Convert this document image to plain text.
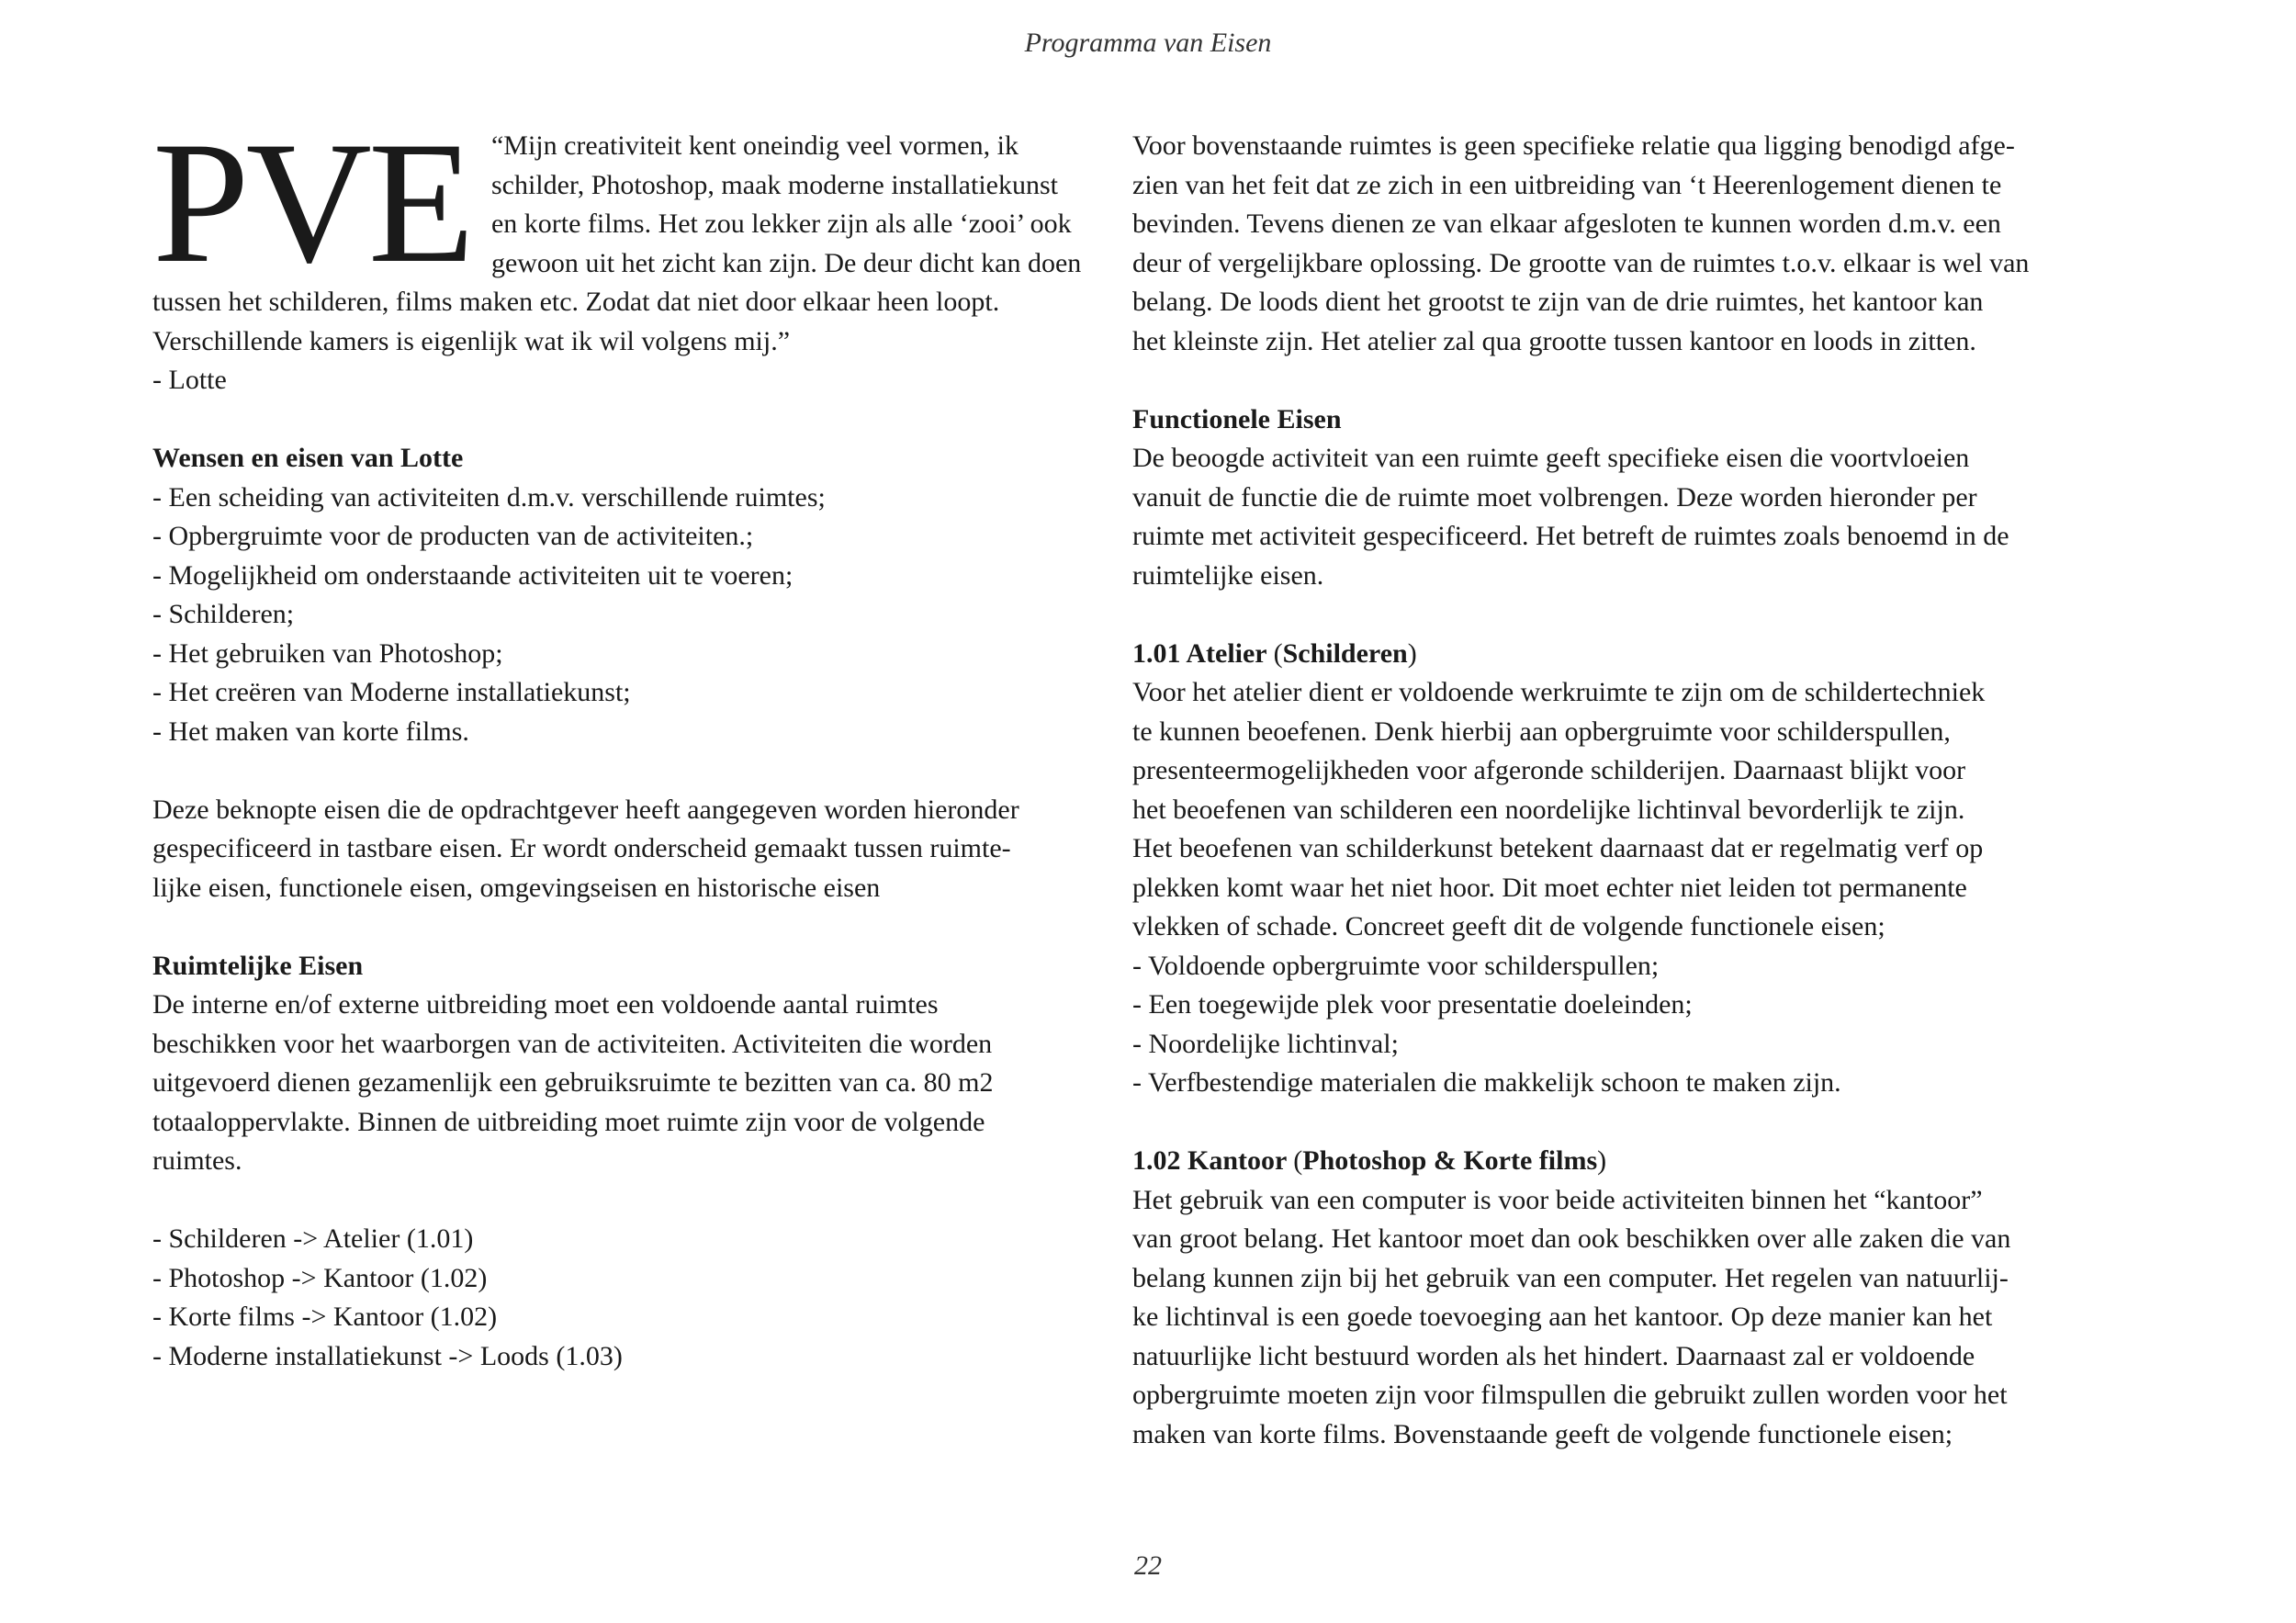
Programma van Eisen
PVE “Mijn creativiteit kent oneindig veel vormen, ik
schilder, Photoshop, maak moderne installatiekunst
en korte films. Het zou lekker zijn als alle ‘zooi’ ook
gewoon uit het zicht kan zijn. De deur dicht kan doen
tussen het schilderen, films maken etc. Zodat dat niet door elkaar heen loopt.
Verschillende kamers is eigenlijk wat ik wil volgens mij.”
- Lotte
Wensen en eisen van Lotte
- Een scheiding van activiteiten d.m.v. verschillende ruimtes;
- Opbergruimte voor de producten van de activiteiten.;
- Mogelijkheid om onderstaande activiteiten uit te voeren;
- Schilderen;
- Het gebruiken van Photoshop;
- Het creëren van Moderne installatiekunst;
- Het maken van korte films.
Deze beknopte eisen die de opdrachtgever heeft aangegeven worden hieronder
gespecificeerd in tastbare eisen. Er wordt onderscheid gemaakt tussen ruimte-
lijke eisen, functionele eisen, omgevingseisen en historische eisen
Ruimtelijke Eisen
De interne en/of externe uitbreiding moet een voldoende aantal ruimtes
beschikken voor het waarborgen van de activiteiten. Activiteiten die worden
uitgevoerd dienen gezamenlijk een gebruiksruimte te bezitten van ca. 80 m2
totaaloppervlakte. Binnen de uitbreiding moet ruimte zijn voor de volgende
ruimtes.
- Schilderen -> Atelier (1.01)
- Photoshop -> Kantoor (1.02)
- Korte films -> Kantoor (1.02)
- Moderne installatiekunst -> Loods (1.03)
Voor bovenstaande ruimtes is geen specifieke relatie qua ligging benodigd afge-
zien van het feit dat ze zich in een uitbreiding van ‘t Heerenlogement dienen te
bevinden. Tevens dienen ze van elkaar afgesloten te kunnen worden d.m.v. een
deur of vergelijkbare oplossing. De grootte van de ruimtes t.o.v. elkaar is wel van
belang. De loods dient het grootst te zijn van de drie ruimtes, het kantoor kan
het kleinste zijn. Het atelier zal qua grootte tussen kantoor en loods in zitten.
Functionele Eisen
De beoogde activiteit van een ruimte geeft specifieke eisen die voortvloeien
vanuit de functie die de ruimte moet volbrengen. Deze worden hieronder per
ruimte met activiteit gespecificeerd. Het betreft de ruimtes zoals benoemd in de
ruimtelijke eisen.
1.01 Atelier (Schilderen)
Voor het atelier dient er voldoende werkruimte te zijn om de schildertechniek
te kunnen beoefenen. Denk hierbij aan opbergruimte voor schilderspullen,
presenteermogelijkheden voor afgeronde schilderijen. Daarnaast blijkt voor
het beoefenen van schilderen een noordelijke lichtinval bevorderlijk te zijn.
Het beoefenen van schilderkunst betekent daarnaast dat er regelmatig verf op
plekken komt waar het niet hoor. Dit moet echter niet leiden tot permanente
vlekken of schade. Concreet geeft dit de volgende functionele eisen;
- Voldoende opbergruimte voor schilderspullen;
- Een toegewijde plek voor presentatie doeleinden;
- Noordelijke lichtinval;
- Verfbestendige materialen die makkelijk schoon te maken zijn.
1.02 Kantoor (Photoshop & Korte films)
Het gebruik van een computer is voor beide activiteiten binnen het “kantoor”
van groot belang. Het kantoor moet dan ook beschikken over alle zaken die van
belang kunnen zijn bij het gebruik van een computer. Het regelen van natuurlij-
ke lichtinval is een goede toevoeging aan het kantoor. Op deze manier kan het
natuurlijke licht bestuurd worden als het hindert. Daarnaast zal er voldoende
opbergruimte moeten zijn voor filmspullen die gebruikt zullen worden voor het
maken van korte films. Bovenstaande geeft de volgende functionele eisen;
22
